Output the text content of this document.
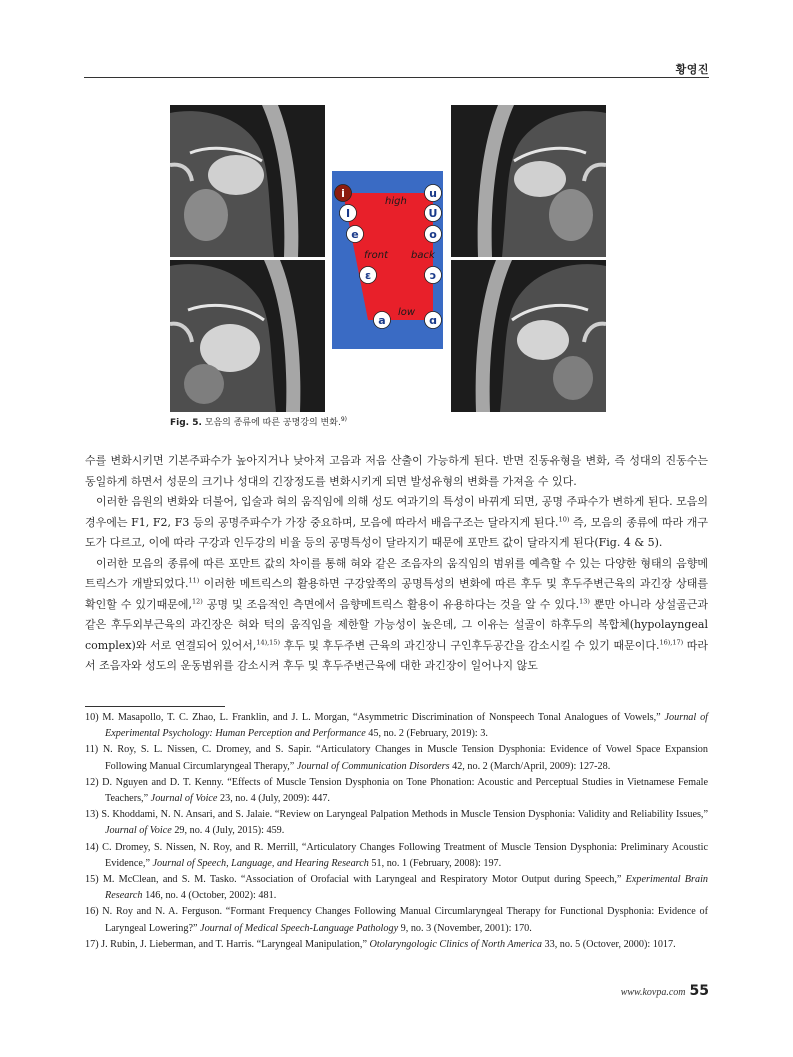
황영진
high
front back
low
i
I
e
ɛ
a
u
U
o
ɔ
ɑ
Fig. 5. 모음의 종류에 따른 공명강의 변화.$^{9)}$

수를 변화시키면 기본주파수가 높아지거나 낮아져 고음과 저음 산출이 가능하게 된다. 반면 진동유형을 변화, 즉 성대의 진동수는 동일하게 하면서 성문의 크기나 성대의 긴장정도를 변화시키게 되면 발성유형의 변화를 가져올 수 있다.

이러한 음원의 변화와 더불어, 입술과 혀의 움직임에 의해 성도 여과기의 특성이 바뀌게 되면, 공명 주파수가 변하게 된다. 모음의 경우에는 F1, F2, F3 등의 공명주파수가 가장 중요하며, 모음에 따라서 배음구조는 달라지게 된다.$^{10)}$ 즉, 모음의 종류에 따라 개구도가 다르고, 이에 따라 구강과 인두강의 비율 등의 공명특성이 달라지기 때문에 포만트 값이 달라지게 된다(Fig. 4 & 5).

이러한 모음의 종류에 따른 포만트 값의 차이를 통해 혀와 같은 조음자의 움직임의 범위를 예측할 수 있는 다양한 형태의 음향메트릭스가 개발되었다.$^{11)}$ 이러한 메트릭스의 활용하면 구강앞쪽의 공명특성의 변화에 따른 후두 및 후두주변근육의 과긴장 상태를 확인할 수 있기때문에,$^{12)}$ 공명 및 조음적인 측면에서 음향메트릭스 활용이 유용하다는 것을 알 수 있다.$^{13)}$ 뿐만 아니라 상설골근과 같은 후두외부근육의 과긴장은 혀와 턱의 움직임을 제한할 가능성이 높은데, 그 이유는 설골이 하후두의 복합체(hypolayngeal complex)와 서로 연결되어 있어서,$^{14),15)}$ 후두 및 후두주변 근육의 과긴장니 구인후두공간을 감소시킬 수 있기 때문이다.$^{16),17)}$ 따라서 조음자와 성도의 운동범위를 감소시켜 후두 및 후두주변근육에 대한 과긴장이 일어나지 않도

10) M. Masapollo, T. C. Zhao, L. Franklin, and J. L. Morgan, “Asymmetric Discrimination of Nonspeech Tonal Analogues of Vowels,” Journal of Experimental Psychology: Human Perception and Performance 45, no. 2 (February, 2019): 3.
11) N. Roy, S. L. Nissen, C. Dromey, and S. Sapir. “Articulatory Changes in Muscle Tension Dysphonia: Evidence of Vowel Space Expansion Following Manual Circumlaryngeal Therapy,” Journal of Communication Disorders 42, no. 2 (March/April, 2009): 127-28.
12) D. Nguyen and D. T. Kenny. “Effects of Muscle Tension Dysphonia on Tone Phonation: Acoustic and Perceptual Studies in Vietnamese Female Teachers,” Journal of Voice 23, no. 4 (July, 2009): 447.
13) S. Khoddami, N. N. Ansari, and S. Jalaie. “Review on Laryngeal Palpation Methods in Muscle Tension Dysphonia: Validity and Reliability Issues,” Journal of Voice 29, no. 4 (July, 2015): 459.
14) C. Dromey, S. Nissen, N. Roy, and R. Merrill, “Articulatory Changes Following Treatment of Muscle Tension Dysphonia: Preliminary Acoustic Evidence,” Journal of Speech, Language, and Hearing Research 51, no. 1 (February, 2008): 197.
15) M. McClean, and S. M. Tasko. “Association of Orofacial with Laryngeal and Respiratory Motor Output during Speech,” Experimental Brain Research 146, no. 4 (October, 2002): 481.
16) N. Roy and N. A. Ferguson. “Formant Frequency Changes Following Manual Circumlaryngeal Therapy for Functional Dysphonia: Evidence of Laryngeal Lowering?” Journal of Medical Speech-Language Pathology 9, no. 3 (November, 2001): 170.
17) J. Rubin, J. Lieberman, and T. Harris. “Laryngeal Manipulation,” Otolaryngologic Clinics of North America 33, no. 5 (Octover, 2000): 1017.
www.kovpa.com 55
